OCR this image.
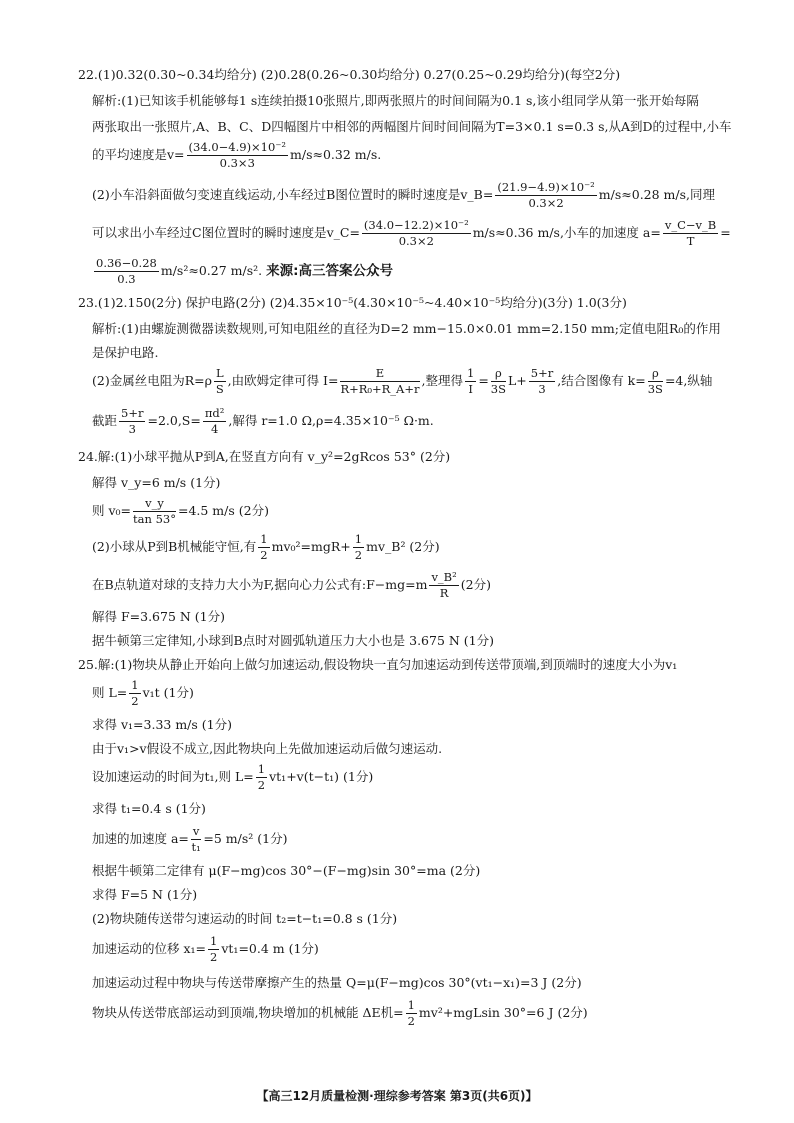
22.(1)0.32(0.30~0.34均给分) (2)0.28(0.26~0.30均给分) 0.27(0.25~0.29均给分)(每空2分)
解析:(1)已知该手机能够每1 s连续拍摄10张照片,即两张照片的时间间隔为0.1 s,该小组同学从第一张开始每隔
两张取出一张照片,A、B、C、D四幅图片中相邻的两幅图片间时间间隔为T=3×0.1 s=0.3 s,从A到D的过程中,小车
的平均速度是$v= \frac{\text{(34.0−4.9)×10⁻²}}{0.3\times 3} m/s\approx 0.32$ m/s.
(2)小车沿斜面做匀变速直线运动,小车经过B图位置时的瞬时速度是v_B= $\frac{\text{(21.9−4.9)×10⁻²}}{0.3\times 2} m/s\approx 0.28$ m/s,同理
可以求出小车经过C图位置时的瞬时速度是v_C= $\frac{\text{(34.0−12.2)×10⁻²}}{0.3\times 2} m/s\approx 0.36$ m/s,小车的加速度 $a= \frac{v\_C-v\_B}{T}$ =
$\frac{0.36-0.28}{0.3} m/s^2\approx 0.27$ m/s². 来源:高三答案公众号
23.(1)2.150(2分) 保护电路(2分) (2)4.35×10⁻⁵(4.30×10⁻⁵~4.40×10⁻⁵均给分)(3分) 1.0(3分)
解析:(1)由螺旋测微器读数规则,可知电阻丝的直径为D=2 mm−15.0×0.01 mm=2.150 mm;定值电阻R₀的作用
是保护电路.
(2)金属丝电阻为$R=\rho \frac{L}{S}$ ,由欧姆定律可得 $I= \frac{E}{\text{R+R₀+R\_A+r}}$ ,整理得 $\frac{1}{I} = \frac{\rho}{3S} L+ \frac{5+r}{3}$ ,结合图像有 $k= \frac{\rho}{3S} =4$,纵轴
截距 $\frac{5+r}{3} =2.0,S= \frac{\text{πd²}}{4}$ ,解得 r=1.0 Ω,ρ=4.35×10⁻⁵ Ω·m.
24.解:(1)小球平抛从P到A,在竖直方向有 v_y²=2gRcos 53° (2分)
解得 v_y=6 m/s (1分)
则 $v_0= \frac{v\_y}{\tan 53^\circ} =4.5$ m/s (2分)
(2)小球从P到B机械能守恒,有 $\frac{1}{2} mv_0^2=mgR+ \frac{1}{2}$ mv_B² (2分)
在B点轨道对球的支持力大小为F,据向心力公式有:F−mg=m $\frac{\text{v\_B²}}{R} (2$分)
解得 F=3.675 N (1分)
据牛顿第三定律知,小球到B点时对圆弧轨道压力大小也是 3.675 N (1分)
25.解:(1)物块从静止开始向上做匀加速运动,假设物块一直匀加速运动到传送带顶端,到顶端时的速度大小为v₁
则 $L= \frac{1}{2} v_1t$ (1分)
求得 v₁=3.33 m/s (1分)
由于v₁>v假设不成立,因此物块向上先做加速运动后做匀速运动.
设加速运动的时间为t₁,则 $L= \frac{1}{2} vt_1+v(t-t_1)$ (1分)
求得 t₁=0.4 s (1分)
加速的加速度 $a= \frac{v}{\text{t₁}} =5$ m/s² (1分)
根据牛顿第二定律有 μ(F−mg)cos 30°−(F−mg)sin 30°=ma (2分)
求得 F=5 N (1分)
(2)物块随传送带匀速运动的时间 t₂=t−t₁=0.8 s (1分)
加速运动的位移 $x_1= \frac{1}{2} vt_1=0.4$ m (1分)
加速运动过程中物块与传送带摩擦产生的热量 Q=μ(F−mg)cos 30°(vt₁−x₁)=3 J (2分)
物块从传送带底部运动到顶端,物块增加的机械能 ΔE机= $\frac{1}{2} mv^2+mgLsin$ 30°=6 J (2分)
【高三12月质量检测·理综参考答案 第3页(共6页)】
